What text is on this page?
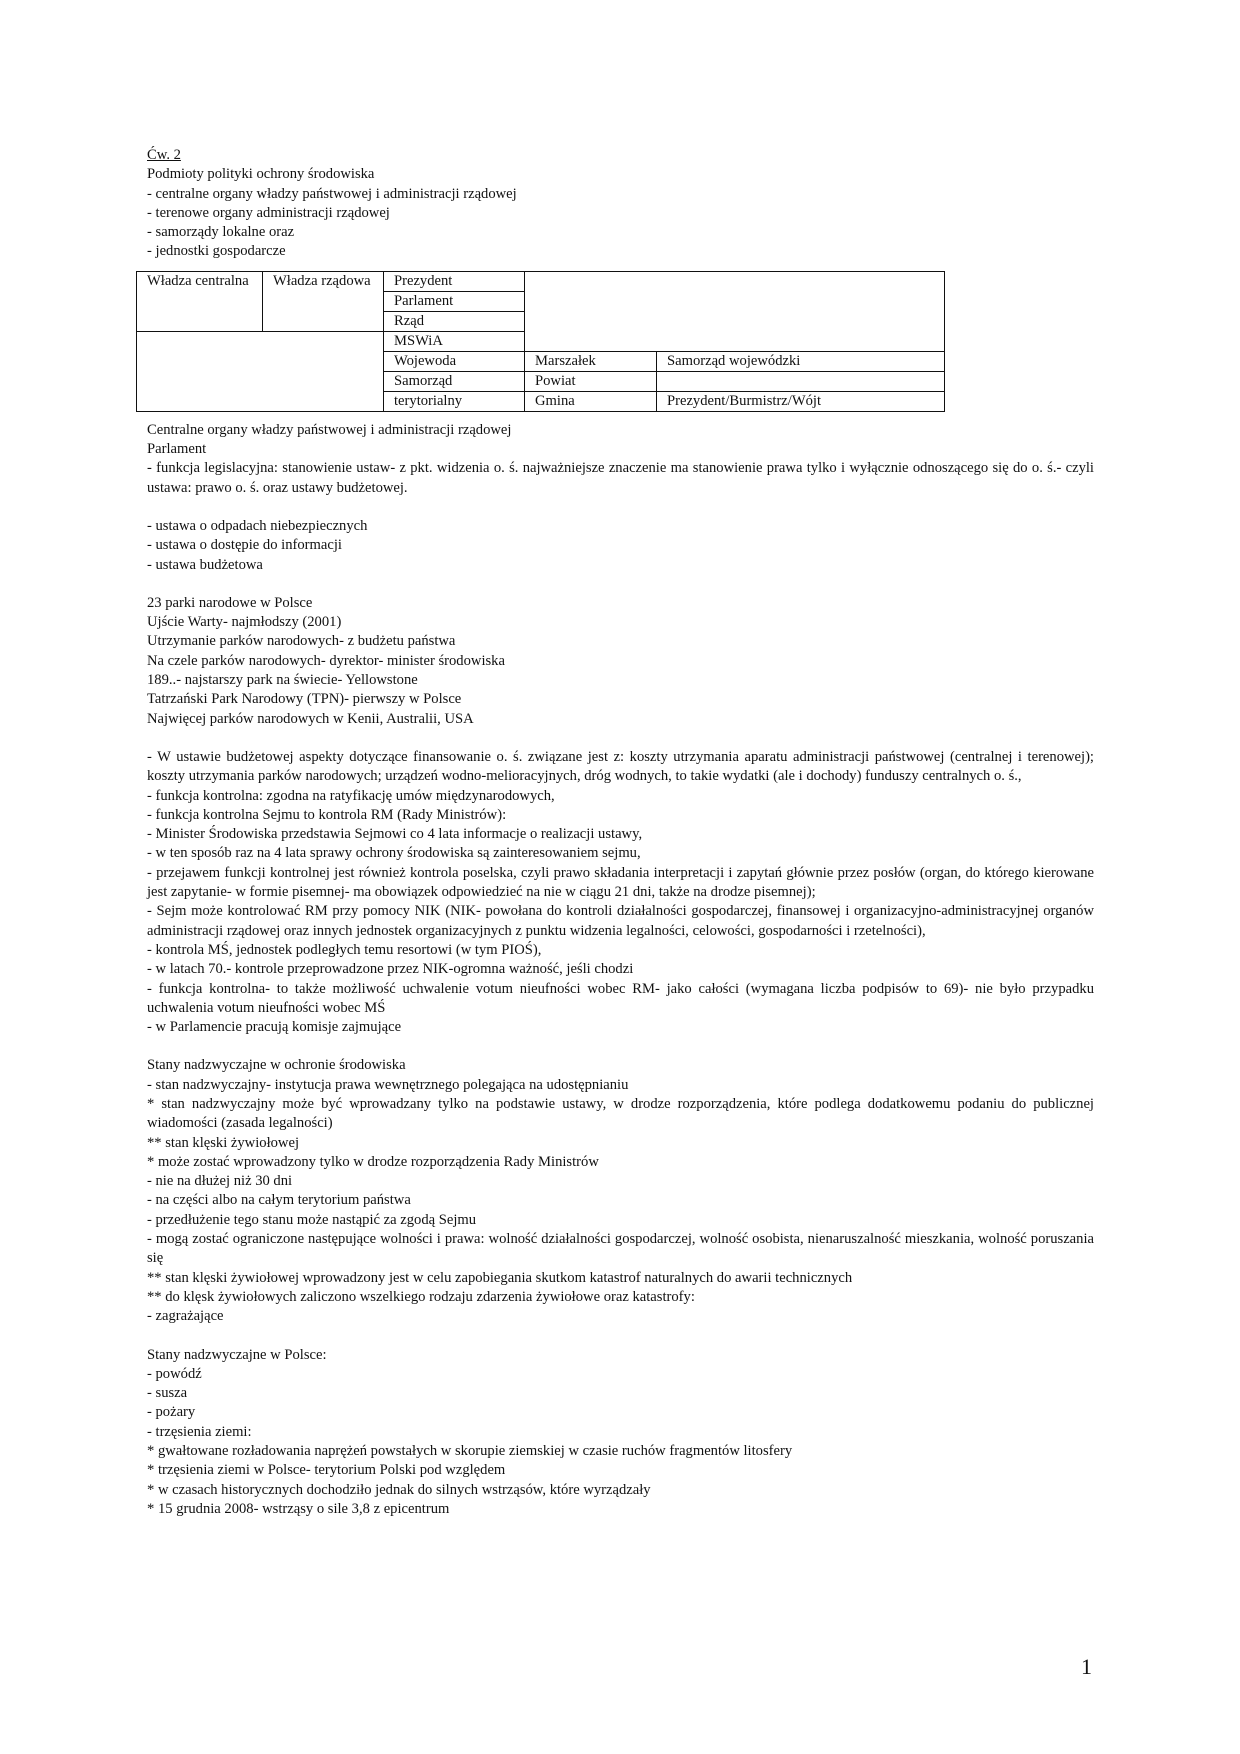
Ćw. 2

Podmioty polityki ochrony środowiska

- centralne organy władzy państwowej i administracji rządowej

- terenowe organy administracji rządowej

- samorządy lokalne oraz

- jednostki gospodarcze

Władza centralna	Władza rządowa	Prezydent		
		Parlament		
		Rząd		
		MSWiA		
		Wojewoda	Marszałek	Samorząd wojewódzki
		Samorząd	Powiat	
		terytorialny	Gmina	Prezydent/Burmistrz/Wójt

Centralne organy władzy państwowej i administracji rządowej

Parlament

- funkcja legislacyjna: stanowienie ustaw- z pkt. widzenia o. ś. najważniejsze znaczenie ma stanowienie prawa tylko i wyłącznie odnoszącego się do o. ś.- czyli ustawa: prawo o. ś. oraz ustawy budżetowej.

- ustawa o odpadach niebezpiecznych

- ustawa o dostępie do informacji

- ustawa budżetowa

23 parki narodowe w Polsce

Ujście Warty- najmłodszy (2001)

Utrzymanie parków narodowych- z budżetu państwa

Na czele parków narodowych- dyrektor- minister środowiska

189..- najstarszy park na świecie- Yellowstone

Tatrzański Park Narodowy (TPN)- pierwszy w Polsce

Najwięcej parków narodowych w Kenii, Australii, USA

- W ustawie budżetowej aspekty dotyczące finansowanie o. ś. związane jest z: koszty utrzymania aparatu administracji państwowej (centralnej i terenowej); koszty utrzymania parków narodowych; urządzeń wodno-melioracyjnych, dróg wodnych, to takie wydatki (ale i dochody) funduszy centralnych o. ś.,

- funkcja kontrolna: zgodna na ratyfikację umów międzynarodowych,

- funkcja kontrolna Sejmu to kontrola RM (Rady Ministrów):

- Minister Środowiska przedstawia Sejmowi co 4 lata informacje o realizacji ustawy,

- w ten sposób raz na 4 lata sprawy ochrony środowiska są zainteresowaniem sejmu,

- przejawem funkcji kontrolnej jest również kontrola poselska, czyli prawo składania interpretacji i zapytań głównie przez posłów (organ, do którego kierowane jest zapytanie- w formie pisemnej- ma obowiązek odpowiedzieć na nie w ciągu 21 dni, także na drodze pisemnej);

- Sejm może kontrolować RM przy pomocy NIK (NIK- powołana do kontroli działalności gospodarczej, finansowej i organizacyjno-administracyjnej organów administracji rządowej oraz innych jednostek organizacyjnych z punktu widzenia legalności, celowości, gospodarności i rzetelności),

- kontrola MŚ, jednostek podległych temu resortowi (w tym PIOŚ),

- w latach 70.- kontrole przeprowadzone przez NIK-ogromna ważność, jeśli chodzi

- funkcja kontrolna- to także możliwość uchwalenie votum nieufności wobec RM- jako całości (wymagana liczba podpisów to 69)- nie było przypadku uchwalenia votum nieufności wobec MŚ

- w Parlamencie pracują komisje zajmujące

Stany nadzwyczajne w ochronie środowiska

- stan nadzwyczajny- instytucja prawa wewnętrznego polegająca na udostępnianiu

* stan nadzwyczajny może być wprowadzany tylko na podstawie ustawy, w drodze rozporządzenia, które podlega dodatkowemu podaniu do publicznej wiadomości (zasada legalności)

** stan klęski żywiołowej

* może zostać wprowadzony tylko w drodze rozporządzenia Rady Ministrów

- nie na dłużej niż 30 dni

- na części albo na całym terytorium państwa

- przedłużenie tego stanu może nastąpić za zgodą Sejmu

- mogą zostać ograniczone następujące wolności i prawa: wolność działalności gospodarczej, wolność osobista, nienaruszalność mieszkania, wolność poruszania się

** stan klęski żywiołowej wprowadzony jest w celu zapobiegania skutkom katastrof naturalnych do awarii technicznych

** do klęsk żywiołowych zaliczono wszelkiego rodzaju zdarzenia żywiołowe oraz katastrofy:

- zagrażające

Stany nadzwyczajne w Polsce:

- powódź

- susza

- pożary

- trzęsienia ziemi:

* gwałtowane rozładowania naprężeń powstałych w skorupie ziemskiej w czasie ruchów fragmentów litosfery

* trzęsienia ziemi w Polsce- terytorium Polski pod względem

* w czasach historycznych dochodziło jednak do silnych wstrząsów, które wyrządzały

* 15 grudnia 2008- wstrząsy o sile 3,8 z epicentrum

1
